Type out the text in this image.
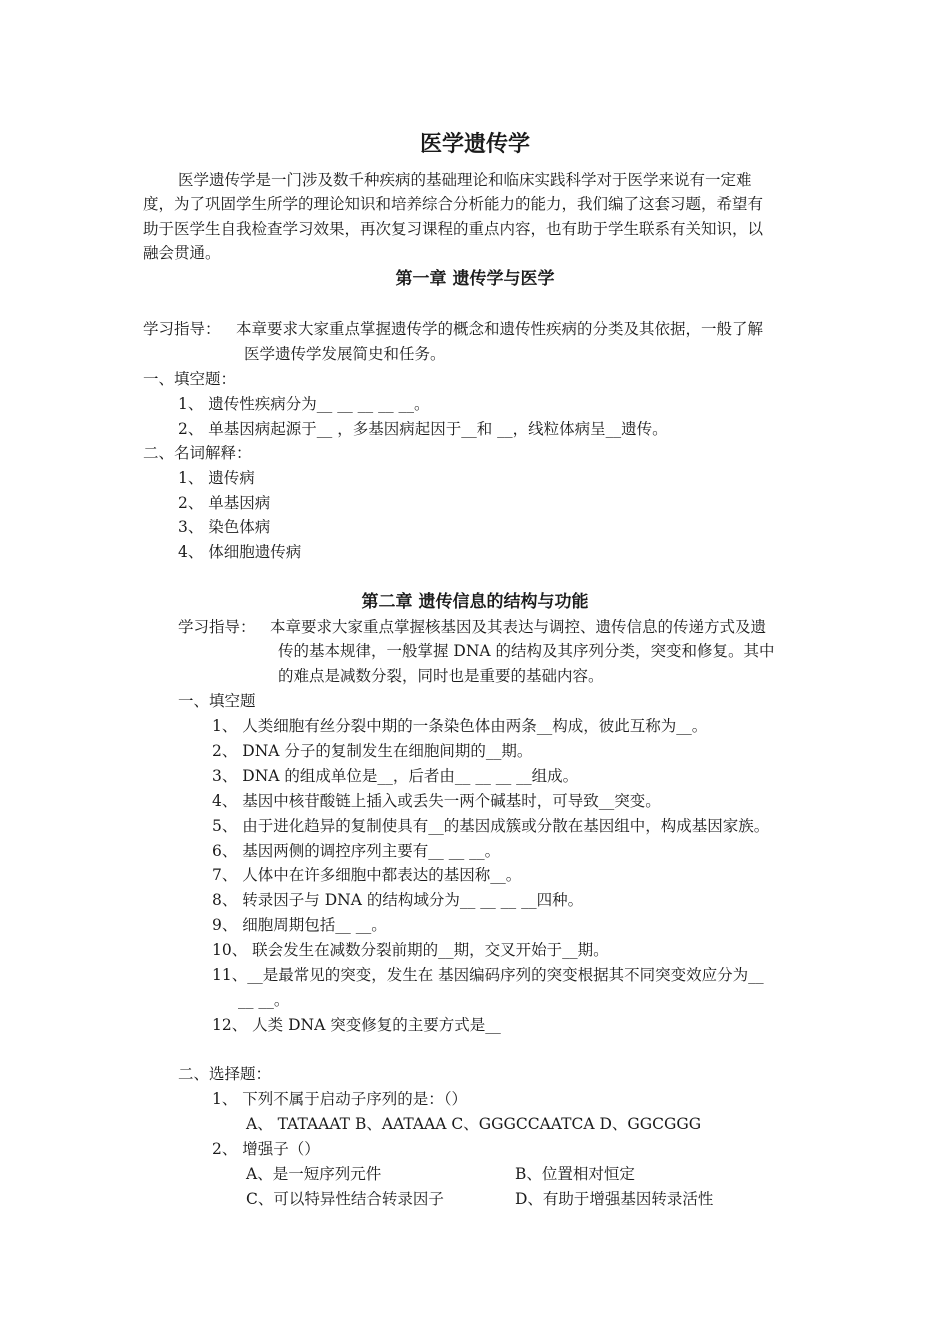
医学遗传学
医学遗传学是一门涉及数千种疾病的基础理论和临床实践科学对于医学来说有一定难
度，为了巩固学生所学的理论知识和培养综合分析能力的能力，我们编了这套习题，希望有
助于医学生自我检查学习效果，再次复习课程的重点内容，也有助于学生联系有关知识，以
融会贯通。
第一章 遗传学与医学
学习指导： 本章要求大家重点掌握遗传学的概念和遗传性疾病的分类及其依据，一般了解
医学遗传学发展简史和任务。
一、填空题：
1、 遗传性疾病分为__ __ __ __ __。
2、 单基因病起源于__ ，多基因病起因于__和 __，线粒体病呈__遗传。
二、名词解释：
1、 遗传病
2、 单基因病
3、 染色体病
4、 体细胞遗传病
第二章 遗传信息的结构与功能
学习指导： 本章要求大家重点掌握核基因及其表达与调控、遗传信息的传递方式及遗
传的基本规律，一般掌握 DNA 的结构及其序列分类，突变和修复。其中
的难点是减数分裂，同时也是重要的基础内容。
一、填空题
1、 人类细胞有丝分裂中期的一条染色体由两条__构成，彼此互称为__。
2、 DNA 分子的复制发生在细胞间期的__期。
3、 DNA 的组成单位是__，后者由__ __ __ __组成。
4、 基因中核苷酸链上插入或丢失一两个碱基时，可导致__突变。
5、 由于进化趋异的复制使具有__的基因成簇或分散在基因组中，构成基因家族。
6、 基因两侧的调控序列主要有__ __ __。
7、 人体中在许多细胞中都表达的基因称__。
8、 转录因子与 DNA 的结构域分为__ __ __ __四种。
9、 细胞周期包括__ __。
10、 联会发生在减数分裂前期的__期，交叉开始于__期。
11、__是最常见的突变，发生在 基因编码序列的突变根据其不同突变效应分为__
__ __。
12、 人类 DNA 突变修复的主要方式是__
二、选择题：
1、 下列不属于启动子序列的是：（）
A、 TATAAAT B、AATAAA C、GGGCCAATCA D、GGCGGG
2、 增强子（）
A、是一短序列元件	B、位置相对恒定
C、可以特异性结合转录因子	D、有助于增强基因转录活性
